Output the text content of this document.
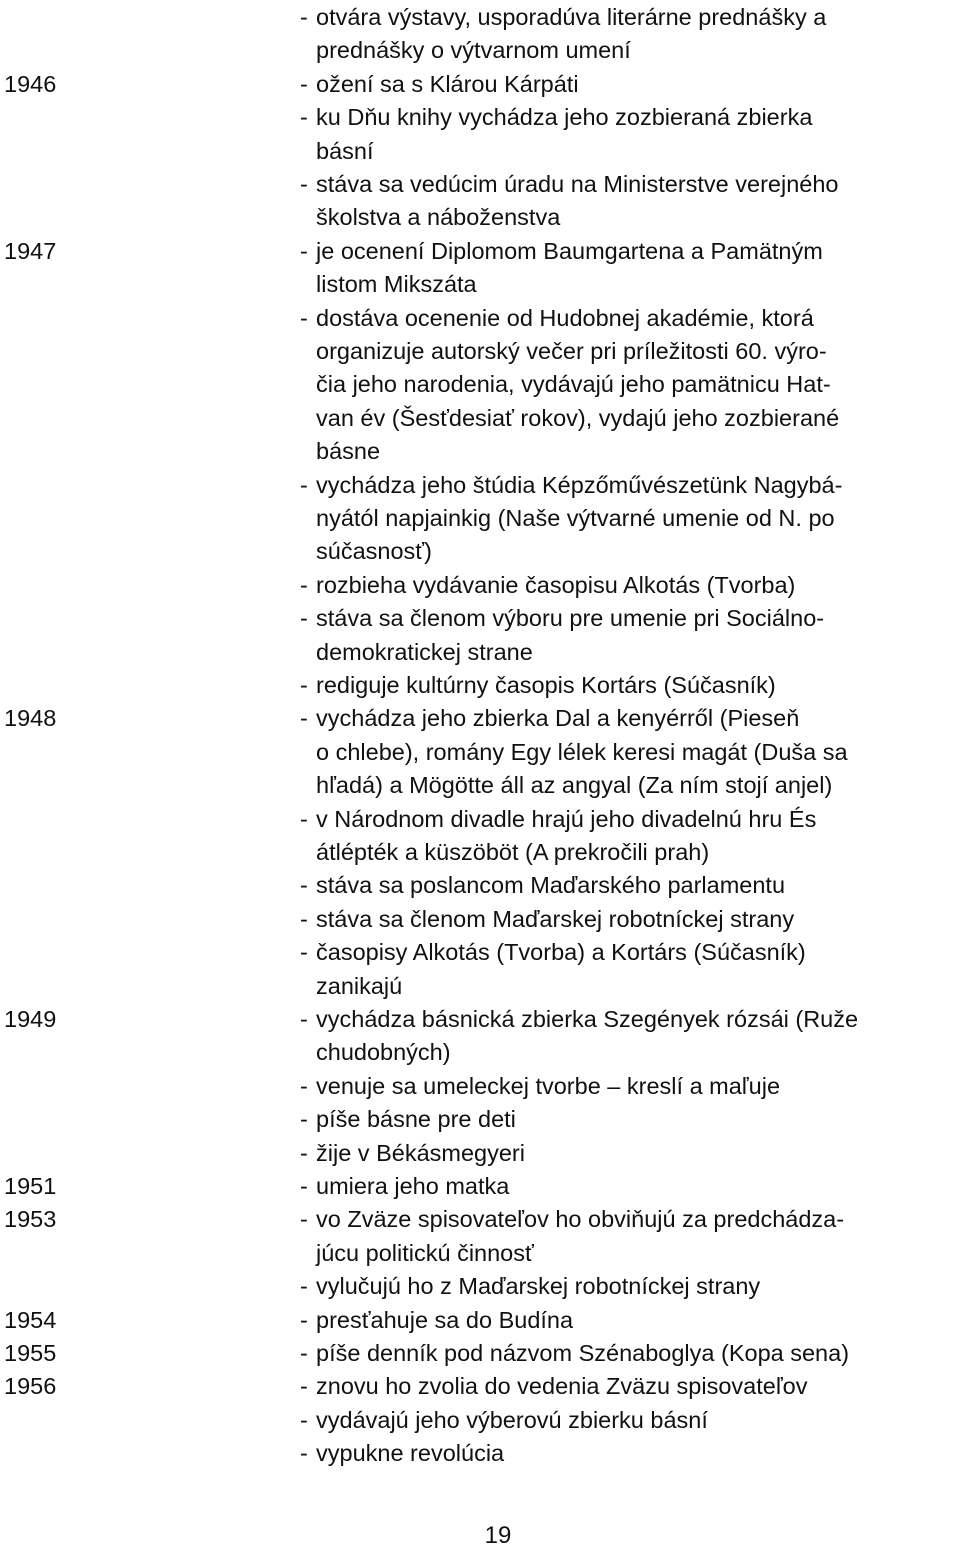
- otvára výstavy, usporadúva literárne prednášky a
prednášky o výtvarnom umení
1946	- ožení sa s Klárou Kárpáti
- ku Dňu knihy vychádza jeho zozbieraná zbierka
básní
- stáva sa vedúcim úradu na Ministerstve verejného
školstva a náboženstva
1947	- je ocenení Diplomom Baumgartena a Pamätným
listom Mikszáta
- dostáva ocenenie od Hudobnej akadémie, ktorá
organizuje autorský večer pri príležitosti 60. výro-
čia jeho narodenia, vydávajú jeho pamätnicu Hat-
van év (Šesťdesiať rokov), vydajú jeho zozbierané
básne
- vychádza jeho štúdia Képzőművészetünk Nagybá-
nyától napjainkig (Naše výtvarné umenie od N. po
súčasnosť)
- rozbieha vydávanie časopisu Alkotás (Tvorba)
- stáva sa členom výboru pre umenie pri Sociálno-
demokratickej strane
- rediguje kultúrny časopis Kortárs (Súčasník)
1948	- vychádza jeho zbierka Dal a kenyérről (Pieseň
o chlebe), romány Egy lélek keresi magát (Duša sa
hľadá) a Mögötte áll az angyal (Za ním stojí anjel)
- v Národnom divadle hrajú jeho divadelnú hru És
átlépték a küszöböt (A prekročili prah)
- stáva sa poslancom Maďarského parlamentu
- stáva sa členom Maďarskej robotníckej strany
- časopisy Alkotás (Tvorba) a Kortárs (Súčasník)
zanikajú
1949	- vychádza básnická zbierka Szegények rózsái (Ruže
chudobných)
- venuje sa umeleckej tvorbe – kreslí a maľuje
- píše básne pre deti
- žije v Békásmegyeri
1951	- umiera jeho matka
1953	- vo Zväze spisovateľov ho obviňujú za predchádza-
júcu politickú činnosť
- vylučujú ho z Maďarskej robotníckej strany
1954	- presťahuje sa do Budína
1955	- píše denník pod názvom Szénaboglya (Kopa sena)
1956	- znovu ho zvolia do vedenia Zväzu spisovateľov
- vydávajú jeho výberovú zbierku básní
- vypukne revolúcia
19
